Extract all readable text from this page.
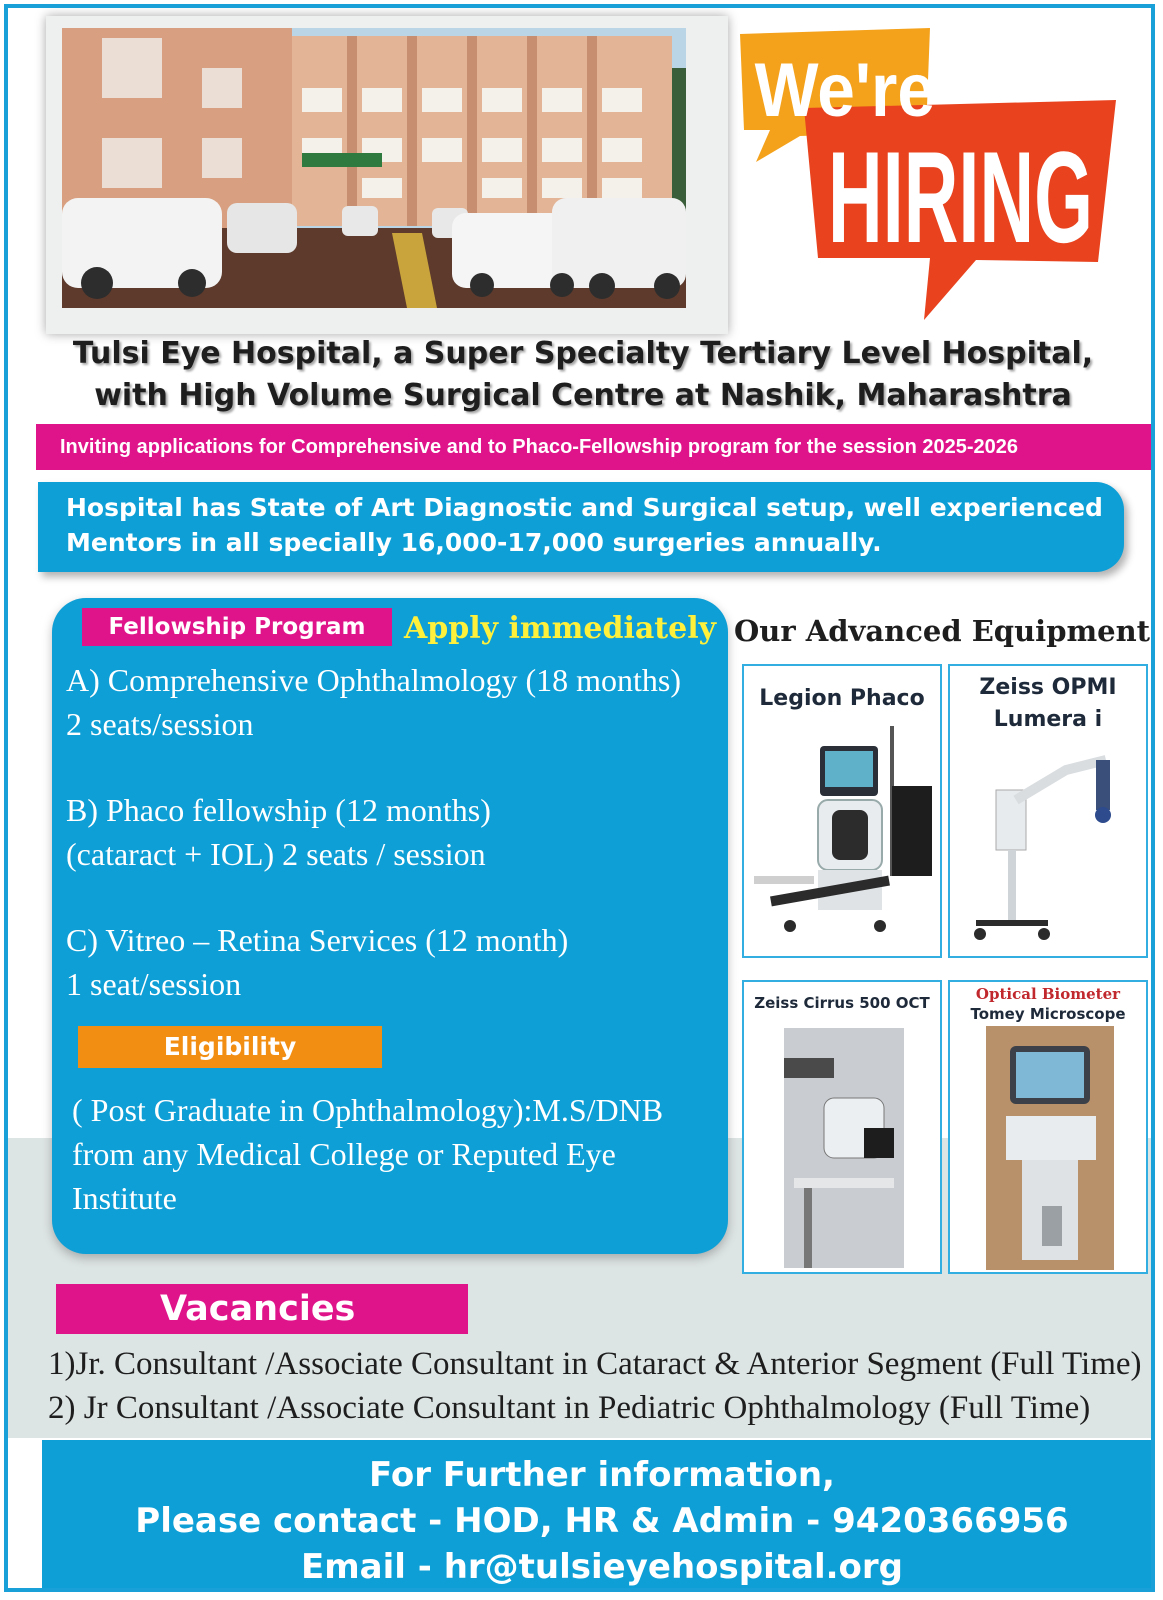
We're
HIRING
Tulsi Eye Hospital, a Super Specialty Tertiary Level Hospital,
with High Volume Surgical Centre at Nashik, Maharashtra
Inviting applications for Comprehensive and to Phaco-Fellowship program for the session 2025-2026
Hospital has State of Art Diagnostic and Surgical setup, well experienced
Mentors in all specially 16,000-17,000 surgeries annually.
Fellowship Program	Apply immediately
A) Comprehensive Ophthalmology (18 months)
2 seats/session
B) Phaco fellowship (12 months)
(cataract + IOL) 2 seats / session
C) Vitreo – Retina Services (12 month)
1 seat/session
Eligibility
( Post Graduate in Ophthalmology):M.S/DNB
from any Medical College or Reputed Eye
Institute
Our Advanced Equipment
Legion Phaco	Zeiss OPMI
Lumera i
Zeiss Cirrus 500 OCT	Optical Biometer
Tomey Microscope
Vacancies
1)Jr. Consultant /Associate Consultant in Cataract & Anterior Segment (Full Time)
2) Jr Consultant /Associate Consultant in Pediatric Ophthalmology (Full Time)
For Further information,
Please contact - HOD, HR & Admin - 9420366956
Email - hr@tulsieyehospital.org
